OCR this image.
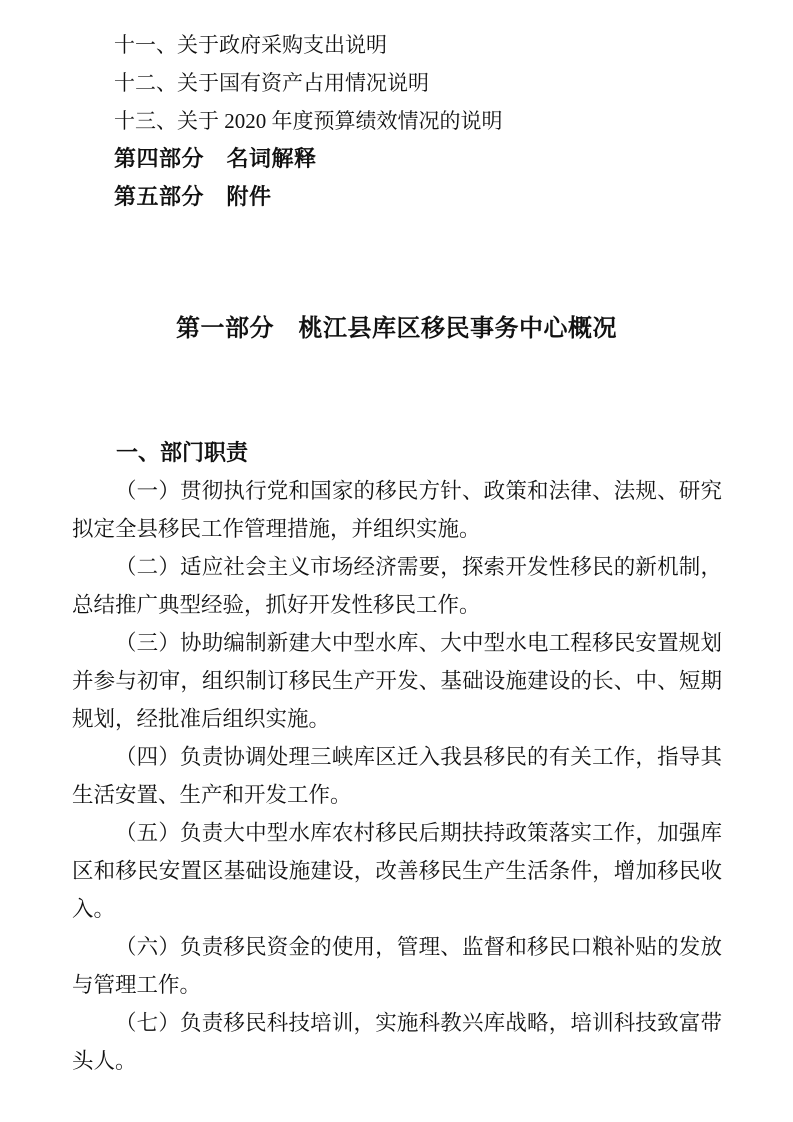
十一、关于政府采购支出说明

十二、关于国有资产占用情况说明

十三、关于 2020 年度预算绩效情况的说明

第四部分　名词解释

第五部分　附件

第一部分　桃江县库区移民事务中心概况
一、部门职责

（一）贯彻执行党和国家的移民方针、政策和法律、法规、研究拟定全县移民工作管理措施，并组织实施。

（二）适应社会主义市场经济需要，探索开发性移民的新机制，总结推广典型经验，抓好开发性移民工作。

（三）协助编制新建大中型水库、大中型水电工程移民安置规划并参与初审，组织制订移民生产开发、基础设施建设的长、中、短期规划，经批准后组织实施。

（四）负责协调处理三峡库区迁入我县移民的有关工作，指导其生活安置、生产和开发工作。

（五）负责大中型水库农村移民后期扶持政策落实工作，加强库区和移民安置区基础设施建设，改善移民生产生活条件，增加移民收入。

（六）负责移民资金的使用，管理、监督和移民口粮补贴的发放与管理工作。

（七）负责移民科技培训，实施科教兴库战略，培训科技致富带头人。
